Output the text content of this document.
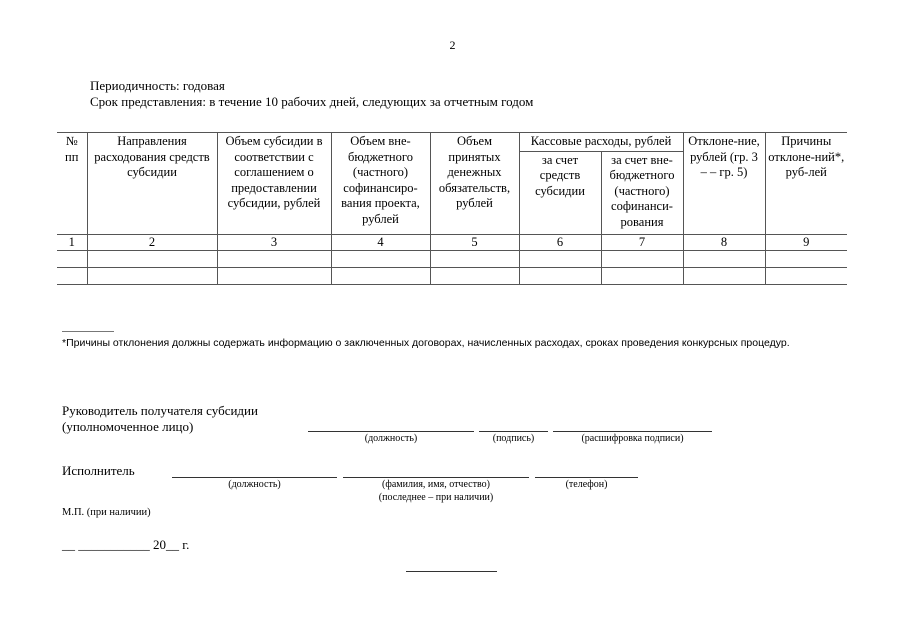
2
Периодичность: годовая
Срок представления: в течение 10 рабочих дней, следующих за отчетным годом
№ пп	Направления расходования средств субсидии	Объем субсидии в соответствии с соглашением о предоставлении субсидии, рублей	Объем вне-бюджетного (частного) софинансиро-вания проекта, рублей	Объем принятых денежных обязательств, рублей	Кассовые расходы, рублей		Отклоне-ние, рублей (гр. 3 – – гр. 5)	Причины отклоне-ний*, руб-лей
					за счет средств субсидии	за счет вне-бюджетного (частного) софинанси-рования		
1	2	3	4	5	6	7	8	9

*Причины отклонения должны содержать информацию о заключенных договорах, начисленных расходах, сроках проведения конкурсных процедур.
Руководитель получателя субсидии
(уполномоченное лицо)
(должность)	(подпись)	(расшифровка подписи)
Исполнитель
(должность)	(фамилия, имя, отчество)
(последнее – при наличии)
(телефон)
М.П. (при наличии)
__ ___________ 20__ г.
